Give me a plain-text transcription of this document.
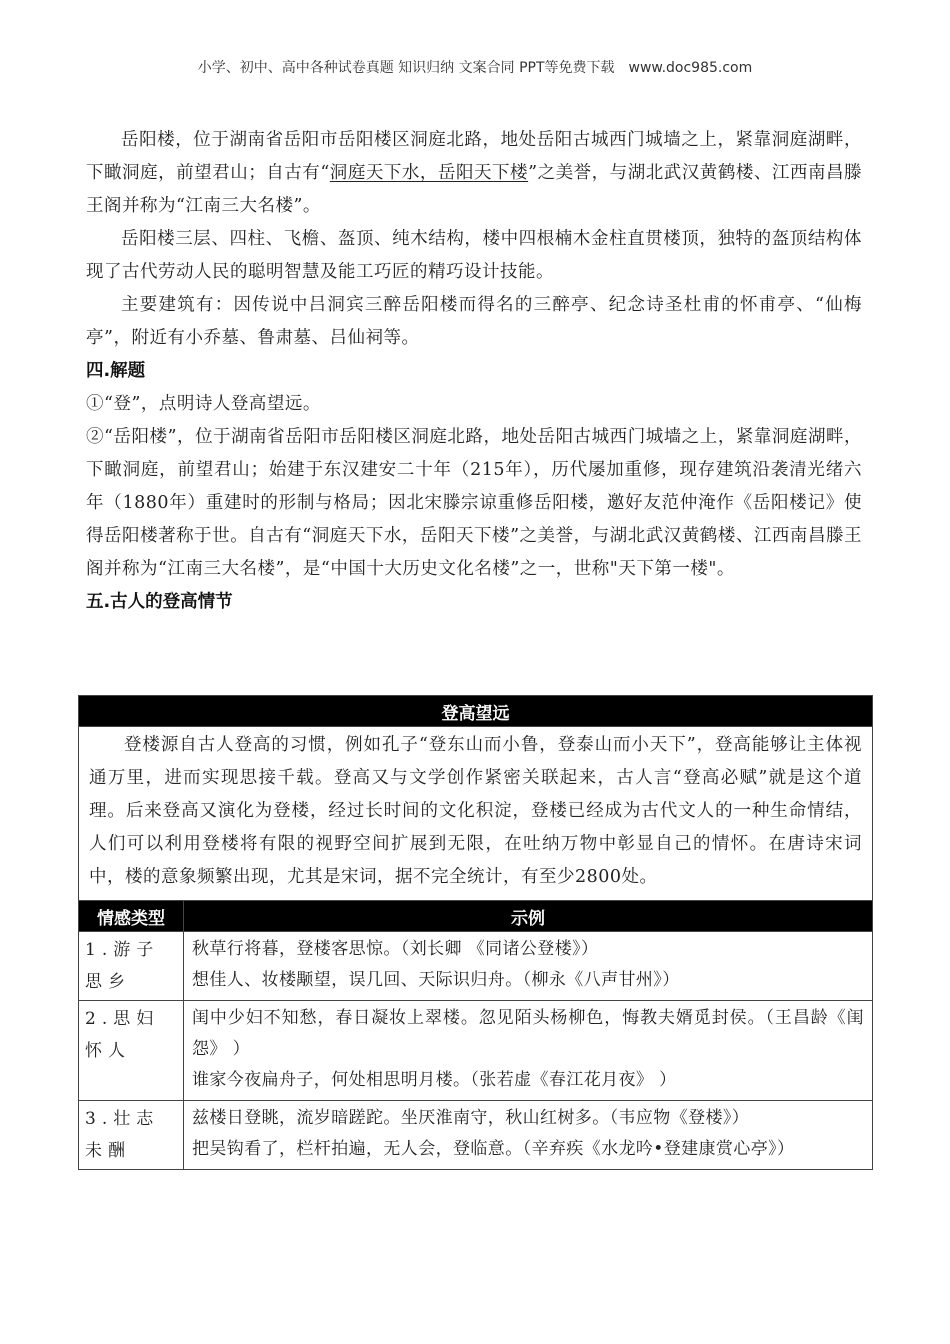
小学、初中、高中各种试卷真题 知识归纳 文案合同 PPT等免费下载 www.doc985.com

岳阳楼，位于湖南省岳阳市岳阳楼区洞庭北路，地处岳阳古城西门城墙之上，紧靠洞庭湖畔，下瞰洞庭，前望君山；自古有“洞庭天下水，岳阳天下楼”之美誉，与湖北武汉黄鹤楼、江西南昌滕王阁并称为“江南三大名楼”。

岳阳楼三层、四柱、飞檐、盔顶、纯木结构，楼中四根楠木金柱直贯楼顶，独特的盔顶结构体现了古代劳动人民的聪明智慧及能工巧匠的精巧设计技能。

主要建筑有：因传说中吕洞宾三醉岳阳楼而得名的三醉亭、纪念诗圣杜甫的怀甫亭、“仙梅亭”，附近有小乔墓、鲁肃墓、吕仙祠等。

四.解题

①“登”，点明诗人登高望远。

②“岳阳楼”，位于湖南省岳阳市岳阳楼区洞庭北路，地处岳阳古城西门城墙之上，紧靠洞庭湖畔，下瞰洞庭，前望君山；始建于东汉建安二十年（215年），历代屡加重修，现存建筑沿袭清光绪六年（1880年）重建时的形制与格局；因北宋滕宗谅重修岳阳楼，邀好友范仲淹作《岳阳楼记》使得岳阳楼著称于世。自古有“洞庭天下水，岳阳天下楼”之美誉，与湖北武汉黄鹤楼、江西南昌滕王阁并称为“江南三大名楼”，是“中国十大历史文化名楼”之一，世称"天下第一楼"。

五.古人的登高情节
登高望远	

登楼源自古人登高的习惯，例如孔子“登东山而小鲁，登泰山而小天下”，登高能够让主体视通万里，进而实现思接千载。登高又与文学创作紧密关联起来，古人言“登高必赋”就是这个道理。后来登高又演化为登楼，经过长时间的文化积淀，登楼已经成为古代文人的一种生命情结，人们可以利用登楼将有限的视野空间扩展到无限，在吐纳万物中彰显自己的情怀。在唐诗宋词中，楼的意象频繁出现，尤其是宋词，据不完全统计，有至少2800处。	

情感类型	示例
1.游子思乡	秋草行将暮，登楼客思惊。（刘长卿 《同诸公登楼》）

想佳人、妆楼颙望，误几回、天际识归舟。（柳永《八声甘州》）

2.思妇怀人	闺中少妇不知愁，春日凝妆上翠楼。忽见陌头杨柳色，悔教夫婿觅封侯。（王昌龄《闺怨》 ）

谁家今夜扁舟子，何处相思明月楼。（张若虚《春江花月夜》 ）

3.壮志未酬	兹楼日登眺，流岁暗蹉跎。坐厌淮南守，秋山红树多。（韦应物《登楼》）

把吴钩看了，栏杆拍遍，无人会，登临意。（辛弃疾《水龙吟•登建康赏心亭》）
